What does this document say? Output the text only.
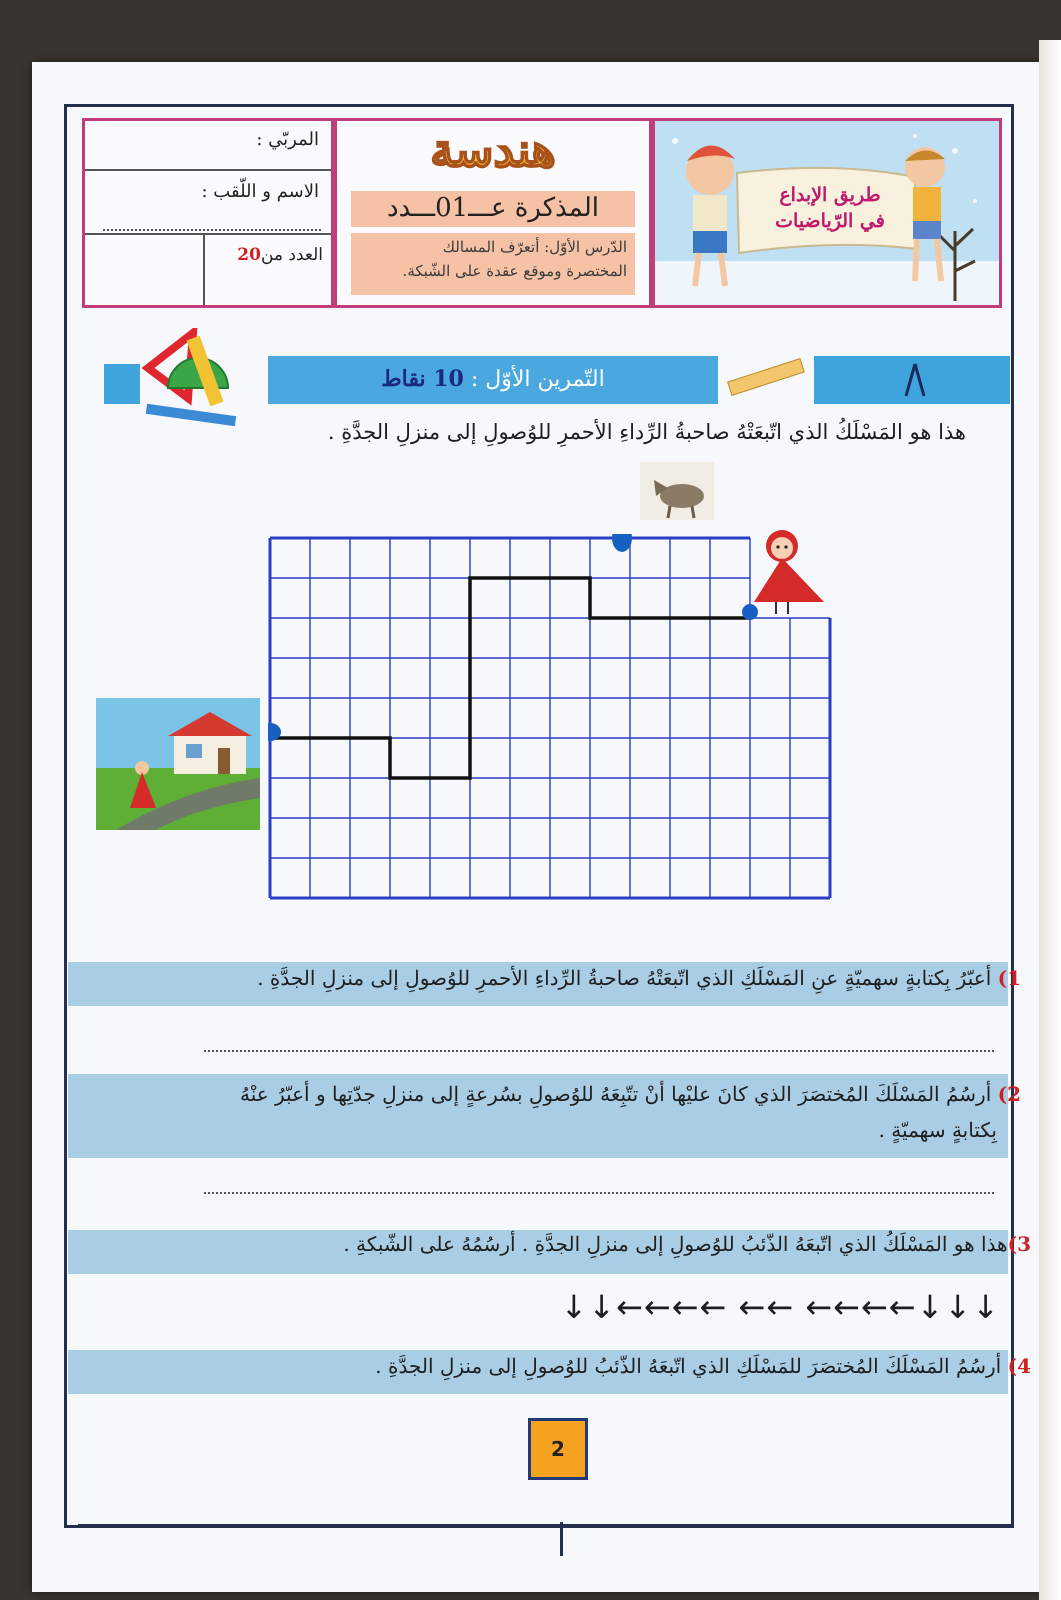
المربّي :
الاسم و اللّقب :
العدد من20
هندسة
المذكرة عـــ01ـــدد
الدّرس الأوّل: أتعرّف المسالك
المختصرة وموقع عقدة على الشّبكة.
طريق الإبداع
في الرّياضيات
التّمرين الأوّل : 10 نقاط
هذا هو المَسْلَكُ الذي اتّبعَتْهُ صاحبةُ الرِّداءِ الأحمرِ للوُصولِ إلى منزلِ الجدَّةِ .
1) أعبّرُ بِكتابةٍ سهميّةٍ عنِ المَسْلَكِ الذي اتّبعَتْهُ صاحبةُ الرِّداءِ الأحمرِ للوُصولِ إلى منزلِ الجدَّةِ .
2) أرسُمُ المَسْلَكَ المُختصَرَ الذي كانَ عليْها أنْ تتّبِعَهُ للوُصولِ بسُرعةٍ إلى منزلِ جدّتِها و أعبّرُ عنْهُ
بِكتابةٍ سهميّةٍ .
3)هذا هو المَسْلَكُ الذي اتّبعَهُ الذّئبُ للوُصولِ إلى منزلِ الجدَّةِ . أرسُمُهُ على الشّبكةِ .
↓↓←←←← ←← ←←←←↓↓↓
4) أرسُمُ المَسْلَكَ المُختصَرَ للمَسْلَكِ الذي اتّبعَهُ الذّئبُ للوُصولِ إلى منزلِ الجدَّةِ .
2
